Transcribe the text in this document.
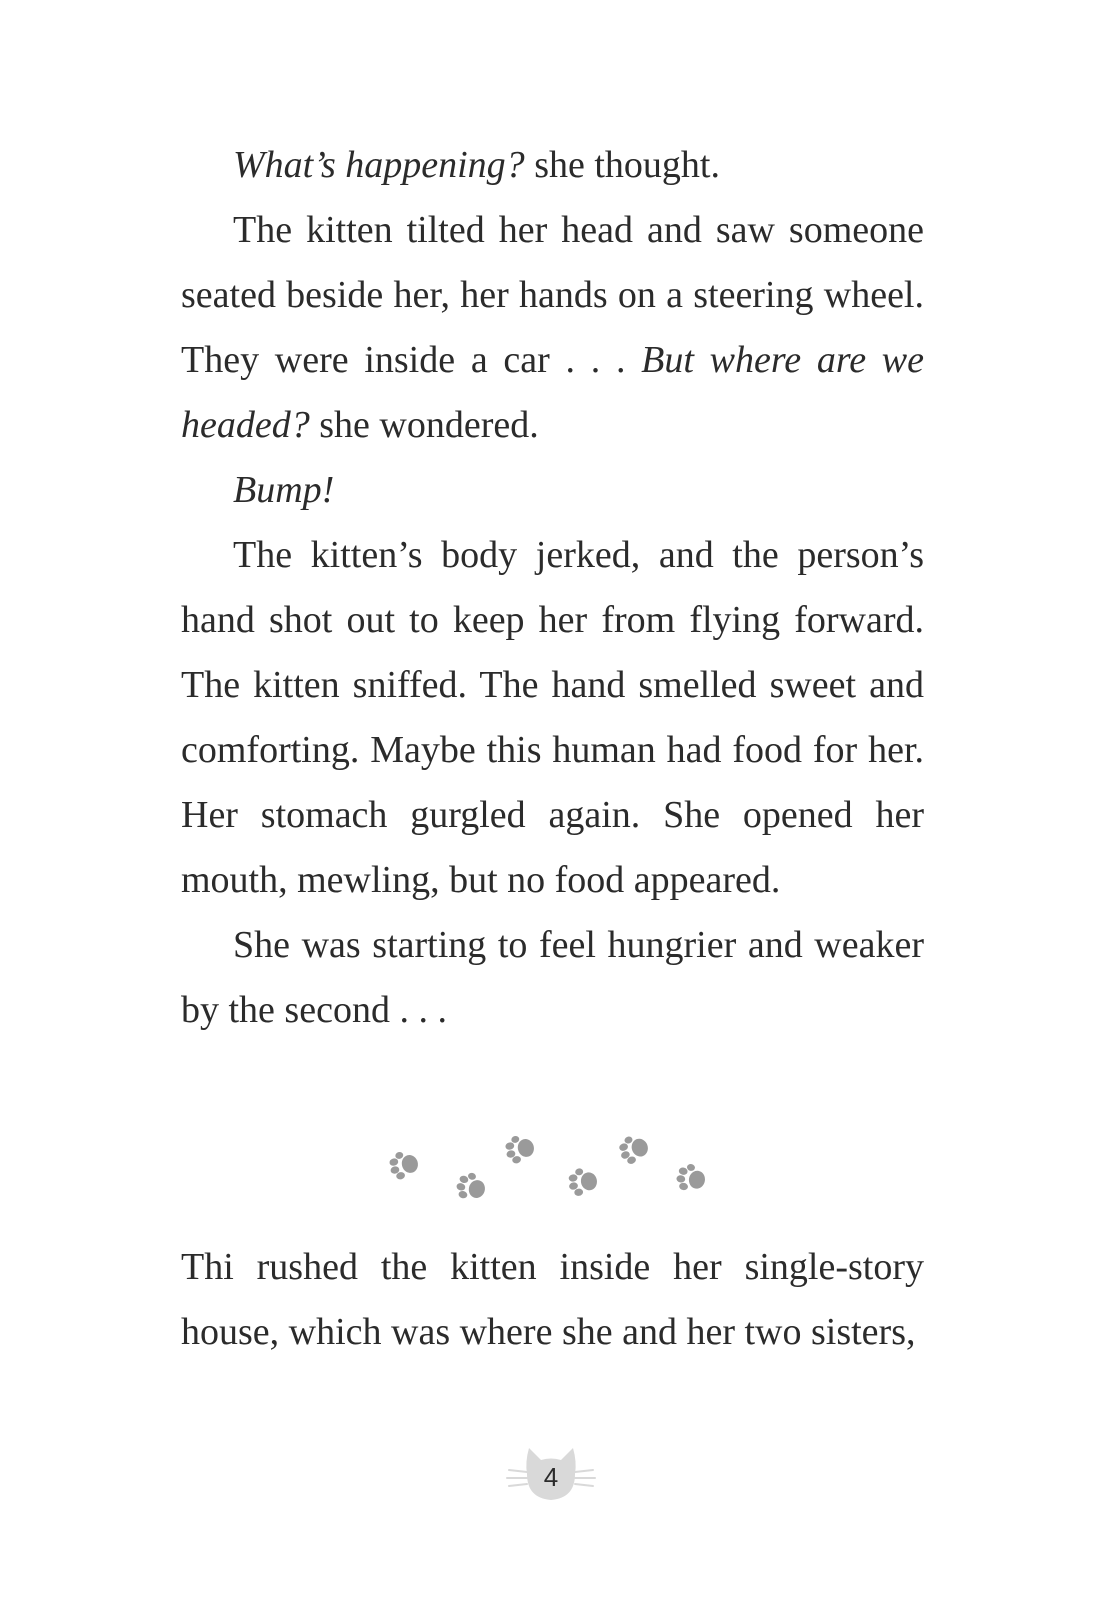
What’s happening? she thought.

The kitten tilted her head and saw someone seated beside her, her hands on a steering wheel. They were inside a car . . . But where are we headed? she wondered.

Bump!

The kitten’s body jerked, and the person’s hand shot out to keep her from flying forward. The kitten sniffed. The hand smelled sweet and comforting. Maybe this human had food for her. Her stomach gurgled again. She opened her mouth, mewling, but no food appeared.

She was starting to feel hungrier and weaker by the second . . .

Thi rushed the kitten inside her single-story house, which was where she and her two sisters,

4
